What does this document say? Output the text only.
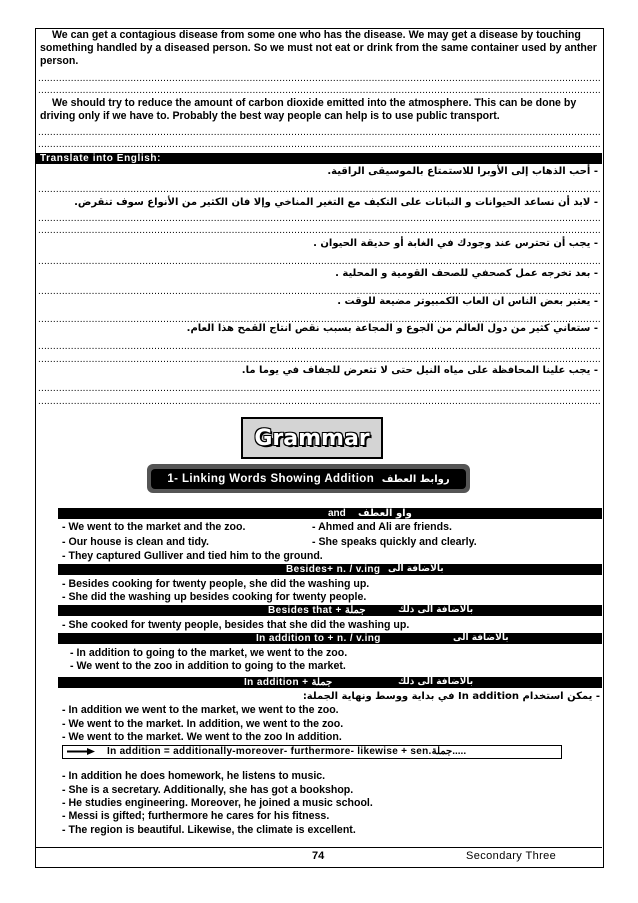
We can get a contagious disease from some one who has the disease. We may get a disease by touching something handled by a diseased person. So we must not eat or drink from the same container used by anther person.
.....
.....
We should try to reduce the amount of carbon dioxide emitted into the atmosphere. This can be done by driving only if we have to. Probably the best way people can help is to use public transport.
.....
.....
Translate into English:
- أحب الذهاب إلى الأوبرا للاستمتاع بالموسيقى الراقية.
.....
- لابد أن نساعد الحيوانات و النباتات على التكيف مع التغير المناخي وإلا فان الكثير من الأنواع سوف تنقرض.
.....
.....
- يجب أن تحترس عند وجودك في الغابة أو حديقة الحيوان .
.....
- بعد تخرجه عمل كصحفي للصحف القومية و المحلية .
.....
- يعتبر بعض الناس ان العاب الكمبيوتر مضيعة للوقت .
.....
- ستعاني كثير من دول العالم من الجوع و المجاعة بسبب نقص انتاج القمح هذا العام.
.....
.....
- يجب علينا المحافظة على مياه النيل حتى لا تتعرض للجفاف في يوما ما.
.....
.....
Grammar
1- Linking Words Showing Addition روابط العطف
and واو العطف
- We went to the market and the zoo.	- Ahmed and Ali are friends.
- Our house is clean and tidy.	- She speaks quickly and clearly.
- They captured Gulliver and tied him to the ground.
Besides+ n. / v.ing بالاضافة الى
- Besides cooking for twenty people, she did the washing up.
- She did the washing up besides cooking for twenty people.
Besides that + جملة	بالاضافة الى ذلك
- She cooked for twenty people, besides that she did the washing up.
In addition to + n. / v.ing	بالاضافة الى
- In addition to going to the market, we went to the zoo.
- We went to the zoo in addition to going to the market.
In addition + جملة	بالاضافة الى ذلك
- يمكن استخدام In addition في بداية ووسط ونهاية الجملة:
- In addition we went to the market, we went to the zoo.
- We went to the market. In addition, we went to the zoo.
- We went to the market. We went to the zoo In addition.
In addition = additionally-moreover- furthermore- likewise + sen.جملة.....
- In addition he does homework, he listens to music.
- She is a secretary. Additionally, she has got a bookshop.
- He studies engineering. Moreover, he joined a music school.
- Messi is gifted; furthermore he cares for his fitness.
- The region is beautiful. Likewise, the climate is excellent.
74	Secondary Three
